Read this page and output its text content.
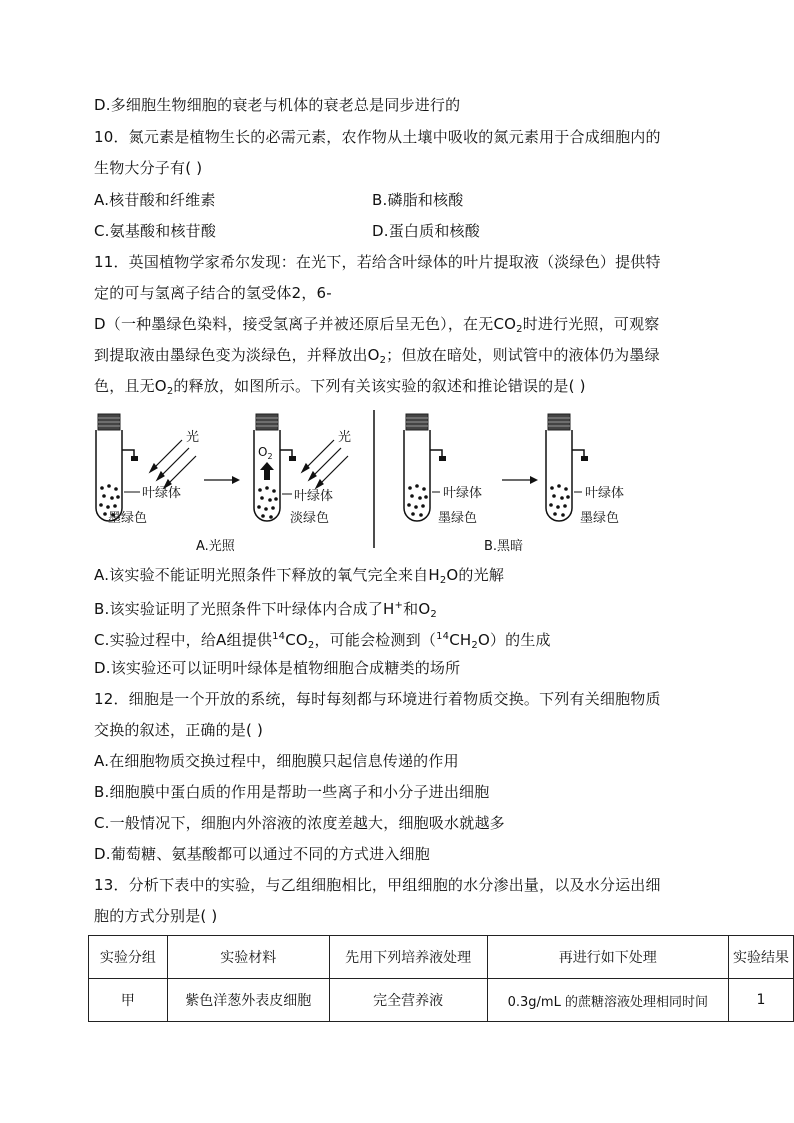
D.多细胞生物细胞的衰老与机体的衰老总是同步进行的
10．氮元素是植物生长的必需元素，农作物从土壤中吸收的氮元素用于合成细胞内的
生物大分子有( )
A.核苷酸和纤维素	B.磷脂和核酸
C.氨基酸和核苷酸	D.蛋白质和核酸
11．英国植物学家希尔发现：在光下，若给含叶绿体的叶片提取液（淡绿色）提供特
定的可与氢离子结合的氢受体2，6-
D（一种墨绿色染料，接受氢离子并被还原后呈无色），在无$CO_2$时进行光照，可观察
到提取液由墨绿色变为淡绿色，并释放出$O_2$；但放在暗处，则试管中的液体仍为墨绿
色，且无$O_2$的释放，如图所示。下列有关该实验的叙述和推论错误的是( )
光
叶绿体
墨绿色
$O_2$
光
叶绿体
淡绿色
A.光照
叶绿体
墨绿色
叶绿体
墨绿色
B.黑暗
A.该实验不能证明光照条件下释放的氧气完全来自$H_2O$的光解
B.该实验证明了光照条件下叶绿体内合成了H+和$O_2$
C.实验过程中，给A组提供$^{14}CO_2$，可能会检测到$(^{14}CH_2O)$的生成
D.该实验还可以证明叶绿体是植物细胞合成糖类的场所
12．细胞是一个开放的系统，每时每刻都与环境进行着物质交换。下列有关细胞物质
交换的叙述，正确的是( )
A.在细胞物质交换过程中，细胞膜只起信息传递的作用
B.细胞膜中蛋白质的作用是帮助一些离子和小分子进出细胞
C.一般情况下，细胞内外溶液的浓度差越大，细胞吸水就越多
D.葡萄糖、氨基酸都可以通过不同的方式进入细胞
13．分析下表中的实验，与乙组细胞相比，甲组细胞的水分渗出量，以及水分运出细
胞的方式分别是( )
实验分组	实验材料	先用下列培养液处理	再进行如下处理	实验结果
甲	紫色洋葱外表皮细胞	完全营养液	0.3g/mL 的蔗糖溶液处理相同时间	1
